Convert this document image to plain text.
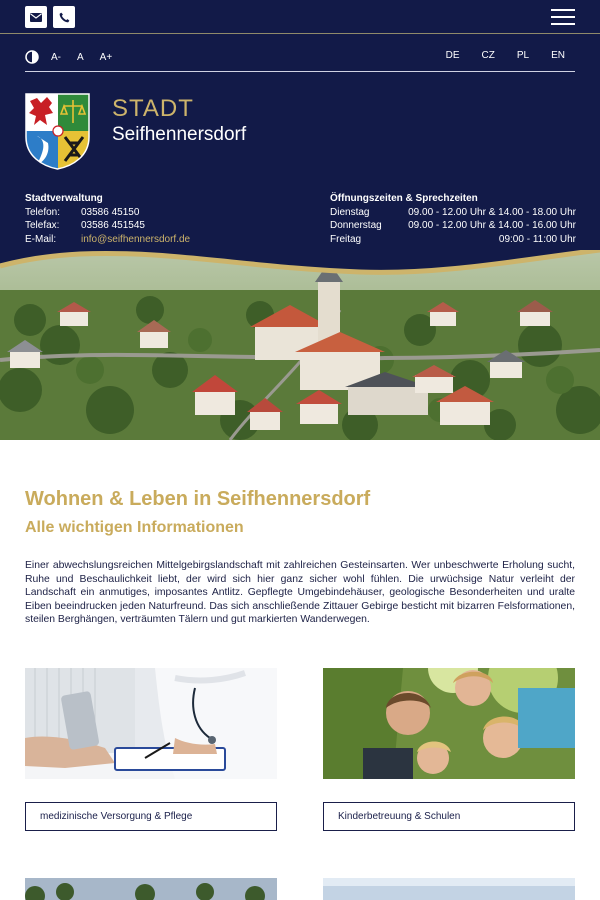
A- A A+	DE CZ PL EN
STADT
Seifhennersdorf
Stadtverwaltung
Telefon:	03586 45150
Telefax:	03586 451545
E-Mail:	info@seifhennersdorf.de
Öffnungszeiten & Sprechzeiten
Dienstag	09.00 - 12.00 Uhr & 14.00 - 18.00 Uhr
Donnerstag	09.00 - 12.00 Uhr & 14.00 - 16.00 Uhr
Freitag	09:00 - 11:00 Uhr
Wohnen & Leben in Seifhennersdorf
Alle wichtigen Informationen

Einer abwechslungsreichen Mittelgebirgslandschaft mit zahlreichen Gesteinsarten. Wer unbeschwerte Erholung sucht, Ruhe und Beschaulichkeit liebt, der wird sich hier ganz sicher wohl fühlen. Die urwüchsige Natur verleiht der Landschaft ein anmutiges, imposantes Antlitz. Gepflegte Umgebindehäuser, geologische Besonderheiten und uralte Eiben beeindrucken jeden Naturfreund. Das sich anschließende Zittauer Gebirge besticht mit bizarren Felsformationen, steilen Berghängen, verträumten Tälern und gut markierten Wanderwegen.

medizinische Versorgung & Pflege	Kinderbetreuung & Schulen
